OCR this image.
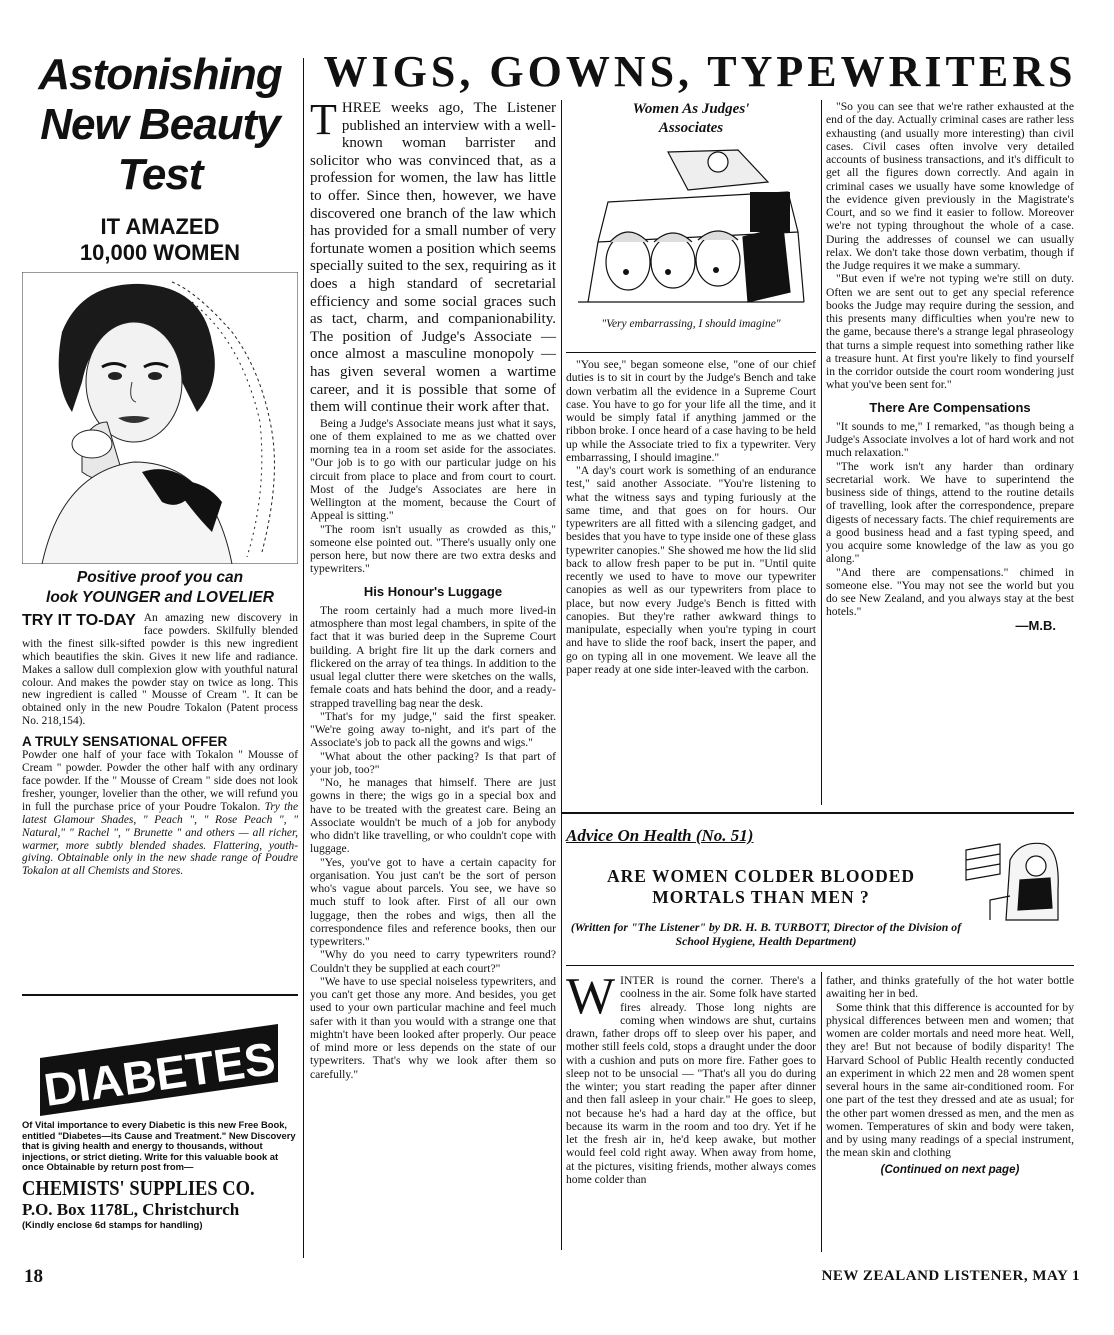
Astonishing
New Beauty
Test
IT AMAZED
10,000 WOMEN
Positive proof you can
look YOUNGER and LOVELIER
TRY IT TO-DAY An amazing new discovery in face powders. Skilfully blended with the finest silk-sifted powder is this new ingredient which beautifies the skin. Gives it new life and radiance. Makes a sallow dull complexion glow with youthful natural colour. And makes the powder stay on twice as long. This new ingredient is called " Mousse of Cream ". It can be obtained only in the new Poudre Tokalon (Patent process No. 218,154).
A TRULY SENSATIONAL OFFER
Powder one half of your face with Tokalon " Mousse of Cream " powder. Powder the other half with any ordinary face powder. If the " Mousse of Cream " side does not look fresher, younger, lovelier than the other, we will refund you in full the purchase price of your Poudre Tokalon. Try the latest Glamour Shades, " Peach ", " Rose Peach ", " Natural," " Rachel ", " Brunette " and others — all richer, warmer, more subtly blended shades. Flattering, youth-giving. Obtainable only in the new shade range of Poudre Tokalon at all Chemists and Stores.
DIABETES
Of Vital importance to every Diabetic is this new Free Book, entitled "Diabetes—its Cause and Treatment." New Discovery that is giving health and energy to thousands, without injections, or strict dieting. Write for this valuable book at once Obtainable by return post from—
CHEMISTS' SUPPLIES CO.
P.O. Box 1178L, Christchurch
(Kindly enclose 6d stamps for handling)
WIGS, GOWNS, TYPEWRITERS

THREE weeks ago, The Listener published an interview with a well-known woman barrister and solicitor who was convinced that, as a profession for women, the law has little to offer. Since then, however, we have discovered one branch of the law which has provided for a small number of very fortunate women a position which seems specially suited to the sex, requiring as it does a high standard of secretarial efficiency and some social graces such as tact, charm, and companionability. The position of Judge's Associate — once almost a masculine monopoly — has given several women a wartime career, and it is possible that some of them will continue their work after that.

Being a Judge's Associate means just what it says, one of them explained to me as we chatted over morning tea in a room set aside for the associates. "Our job is to go with our particular judge on his circuit from place to place and from court to court. Most of the Judge's Associates are here in Wellington at the moment, because the Court of Appeal is sitting."

"The room isn't usually as crowded as this," someone else pointed out. "There's usually only one person here, but now there are two extra desks and typewriters."

His Honour's Luggage

The room certainly had a much more lived-in atmosphere than most legal chambers, in spite of the fact that it was buried deep in the Supreme Court building. A bright fire lit up the dark corners and flickered on the array of tea things. In addition to the usual legal clutter there were sketches on the walls, female coats and hats behind the door, and a ready-strapped travelling bag near the desk.

"That's for my judge," said the first speaker. "We're going away to-night, and it's part of the Associate's job to pack all the gowns and wigs."

"What about the other packing? Is that part of your job, too?"

"No, he manages that himself. There are just gowns in there; the wigs go in a special box and have to be treated with the greatest care. Being an Associate wouldn't be much of a job for anybody who didn't like travelling, or who couldn't cope with luggage.

"Yes, you've got to have a certain capacity for organisation. You just can't be the sort of person who's vague about parcels. You see, we have so much stuff to look after. First of all our own luggage, then the robes and wigs, then all the correspondence files and reference books, then our typewriters."

"Why do you need to carry typewriters round? Couldn't they be supplied at each court?"

"We have to use special noiseless typewriters, and you can't get those any more. And besides, you get used to your own particular machine and feel much safer with it than you would with a strange one that mightn't have been looked after properly. Our peace of mind more or less depends on the state of our typewriters. That's why we look after them so carefully."

Women As Judges'
Associates
"Very embarrassing, I should imagine"

"You see," began someone else, "one of our chief duties is to sit in court by the Judge's Bench and take down verbatim all the evidence in a Supreme Court case. You have to go for your life all the time, and it would be simply fatal if anything jammed or the ribbon broke. I once heard of a case having to be held up while the Associate tried to fix a typewriter. Very embarrassing, I should imagine."

"A day's court work is something of an endurance test," said another Associate. "You're listening to what the witness says and typing furiously at the same time, and that goes on for hours. Our typewriters are all fitted with a silencing gadget, and besides that you have to type inside one of these glass typewriter canopies." She showed me how the lid slid back to allow fresh paper to be put in. "Until quite recently we used to have to move our typewriter canopies as well as our typewriters from place to place, but now every Judge's Bench is fitted with canopies. But they're rather awkward things to manipulate, especially when you're typing in court and have to slide the roof back, insert the paper, and go on typing all in one movement. We leave all the paper ready at one side inter-leaved with the carbon.

"So you can see that we're rather exhausted at the end of the day. Actually criminal cases are rather less exhausting (and usually more interesting) than civil cases. Civil cases often involve very detailed accounts of business transactions, and it's difficult to get all the figures down correctly. And again in criminal cases we usually have some knowledge of the evidence given previously in the Magistrate's Court, and so we find it easier to follow. Moreover we're not typing throughout the whole of a case. During the addresses of counsel we can usually relax. We don't take those down verbatim, though if the Judge requires it we make a summary.

"But even if we're not typing we're still on duty. Often we are sent out to get any special reference books the Judge may require during the session, and this presents many difficulties when you're new to the game, because there's a strange legal phraseology that turns a simple request into something rather like a treasure hunt. At first you're likely to find yourself in the corridor outside the court room wondering just what you've been sent for."

There Are Compensations

"It sounds to me," I remarked, "as though being a Judge's Associate involves a lot of hard work and not much relaxation."

"The work isn't any harder than ordinary secretarial work. We have to superintend the business side of things, attend to the routine details of travelling, look after the correspondence, prepare digests of necessary facts. The chief requirements are a good business head and a fast typing speed, and you acquire some knowledge of the law as you go along."

"And there are compensations." chimed in someone else. "You may not see the world but you do see New Zealand, and you always stay at the best hotels."

—M.B.
Advice On Health (No. 51)
ARE WOMEN COLDER BLOODED
MORTALS THAN MEN ?
(Written for "The Listener" by DR. H. B. TURBOTT, Director of the Division of School Hygiene, Health Department)

WINTER is round the corner. There's a coolness in the air. Some folk have started fires already. Those long nights are coming when windows are shut, curtains drawn, father drops off to sleep over his paper, and mother still feels cold, stops a draught under the door with a cushion and puts on more fire. Father goes to sleep not to be unsocial — "That's all you do during the winter; you start reading the paper after dinner and then fall asleep in your chair." He goes to sleep, not because he's had a hard day at the office, but because its warm in the room and too dry. Yet if he let the fresh air in, he'd keep awake, but mother would feel cold right away. When away from home, at the pictures, visiting friends, mother always comes home colder than

father, and thinks gratefully of the hot water bottle awaiting her in bed.

Some think that this difference is accounted for by physical differences between men and women; that women are colder mortals and need more heat. Well, they are! But not because of bodily disparity! The Harvard School of Public Health recently conducted an experiment in which 22 men and 28 women spent several hours in the same air-conditioned room. For one part of the test they dressed and ate as usual; for the other part women dressed as men, and the men as women. Temperatures of skin and body were taken, and by using many readings of a special instrument, the mean skin and clothing

(Continued on next page)
18	NEW ZEALAND LISTENER, MAY 1
